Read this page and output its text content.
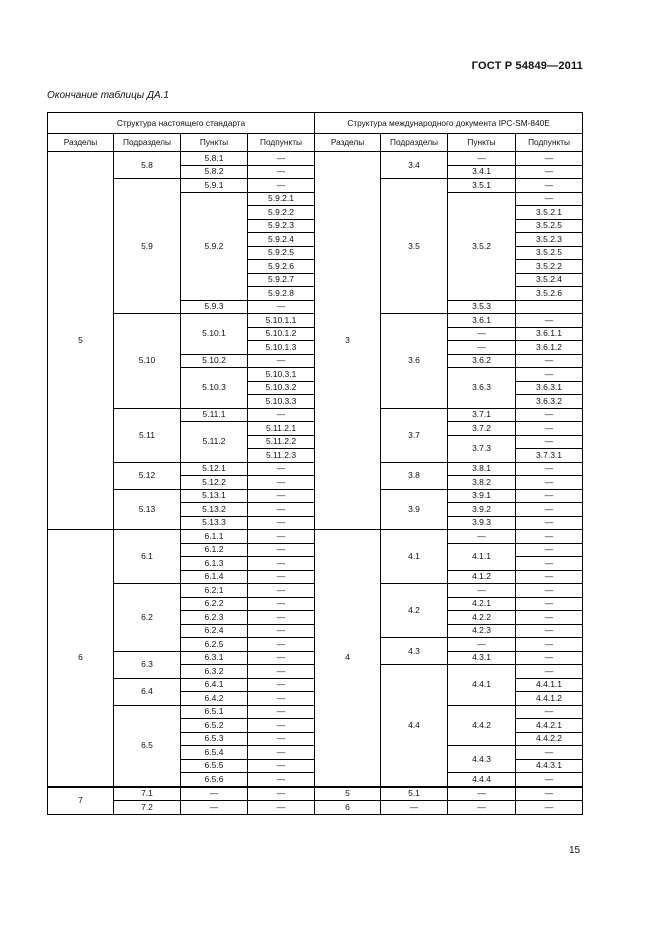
ГОСТ Р 54849—2011
Окончание таблицы ДА.1
Структура настоящего стандарта				Структура международного документа IPC-SM-840E			
Разделы	Подразделы	Пункты	Подпункты	Разделы	Подразделы	Пункты	Подпункты
5	5.8	5.8.1	—	3	3.4	—	—
		5.8.2	—			3.4.1	—
	5.9	5.9.1	—		3.5	3.5.1	—
		5.9.2	5.9.2.1			3.5.2	—
			5.9.2.2				3.5.2.1
			5.9.2.3				3.5.2.5
			5.9.2.4				3.5.2.3
			5.9.2.5				3.5.2.5
			5.9.2.6				3.5.2.2
			5.9.2.7				3.5.2.4
			5.9.2.8				3.5.2.6
		5.9.3	—			3.5.3	
	5.10	5.10.1	5.10.1.1		3.6	3.6.1	—
			5.10.1.2			—	3.6.1.1
			5.10.1.3			—	3.6.1.2
		5.10.2	—			3.6.2	—
		5.10.3	5.10.3.1			3.6.3	—
			5.10.3.2				3.6.3.1
			5.10.3.3				3.6.3.2
	5.11	5.11.1	—		3.7	3.7.1	—
		5.11.2	5.11.2.1			3.7.2	—
			5.11.2.2			3.7.3	—
			5.11.2.3				3.7.3.1
	5.12	5.12.1	—		3.8	3.8.1	—
		5.12.2	—			3.8.2	—
	5.13	5.13.1	—		3.9	3.9.1	—
		5.13.2	—			3.9.2	—
		5.13.3	—			3.9.3	—
6	6.1	6.1.1	—	4	4.1	—	—
		6.1.2	—			4.1.1	—
		6.1.3	—				—
		6.1.4	—			4.1.2	—
	6.2	6.2.1	—		4.2	—	—
		6.2.2	—			4.2.1	—
		6.2.3	—			4.2.2	—
		6.2.4	—			4.2.3	—
		6.2.5	—		4.3	—	—
	6.3	6.3.1	—			4.3.1	—
		6.3.2	—		4.4	4.4.1	—
	6.4	6.4.1	—				4.4.1.1
		6.4.2	—				4.4.1.2
	6.5	6.5.1	—			4.4.2	—
		6.5.2	—				4.4.2.1
		6.5.3	—				4.4.2.2
		6.5.4	—			4.4.3	—
		6.5.5	—				4.4.3.1
		6.5.6	—			4.4.4	—
7	7.1	—	—	5	5.1	—	—
	7.2	—	—	6	—	—	—
15
